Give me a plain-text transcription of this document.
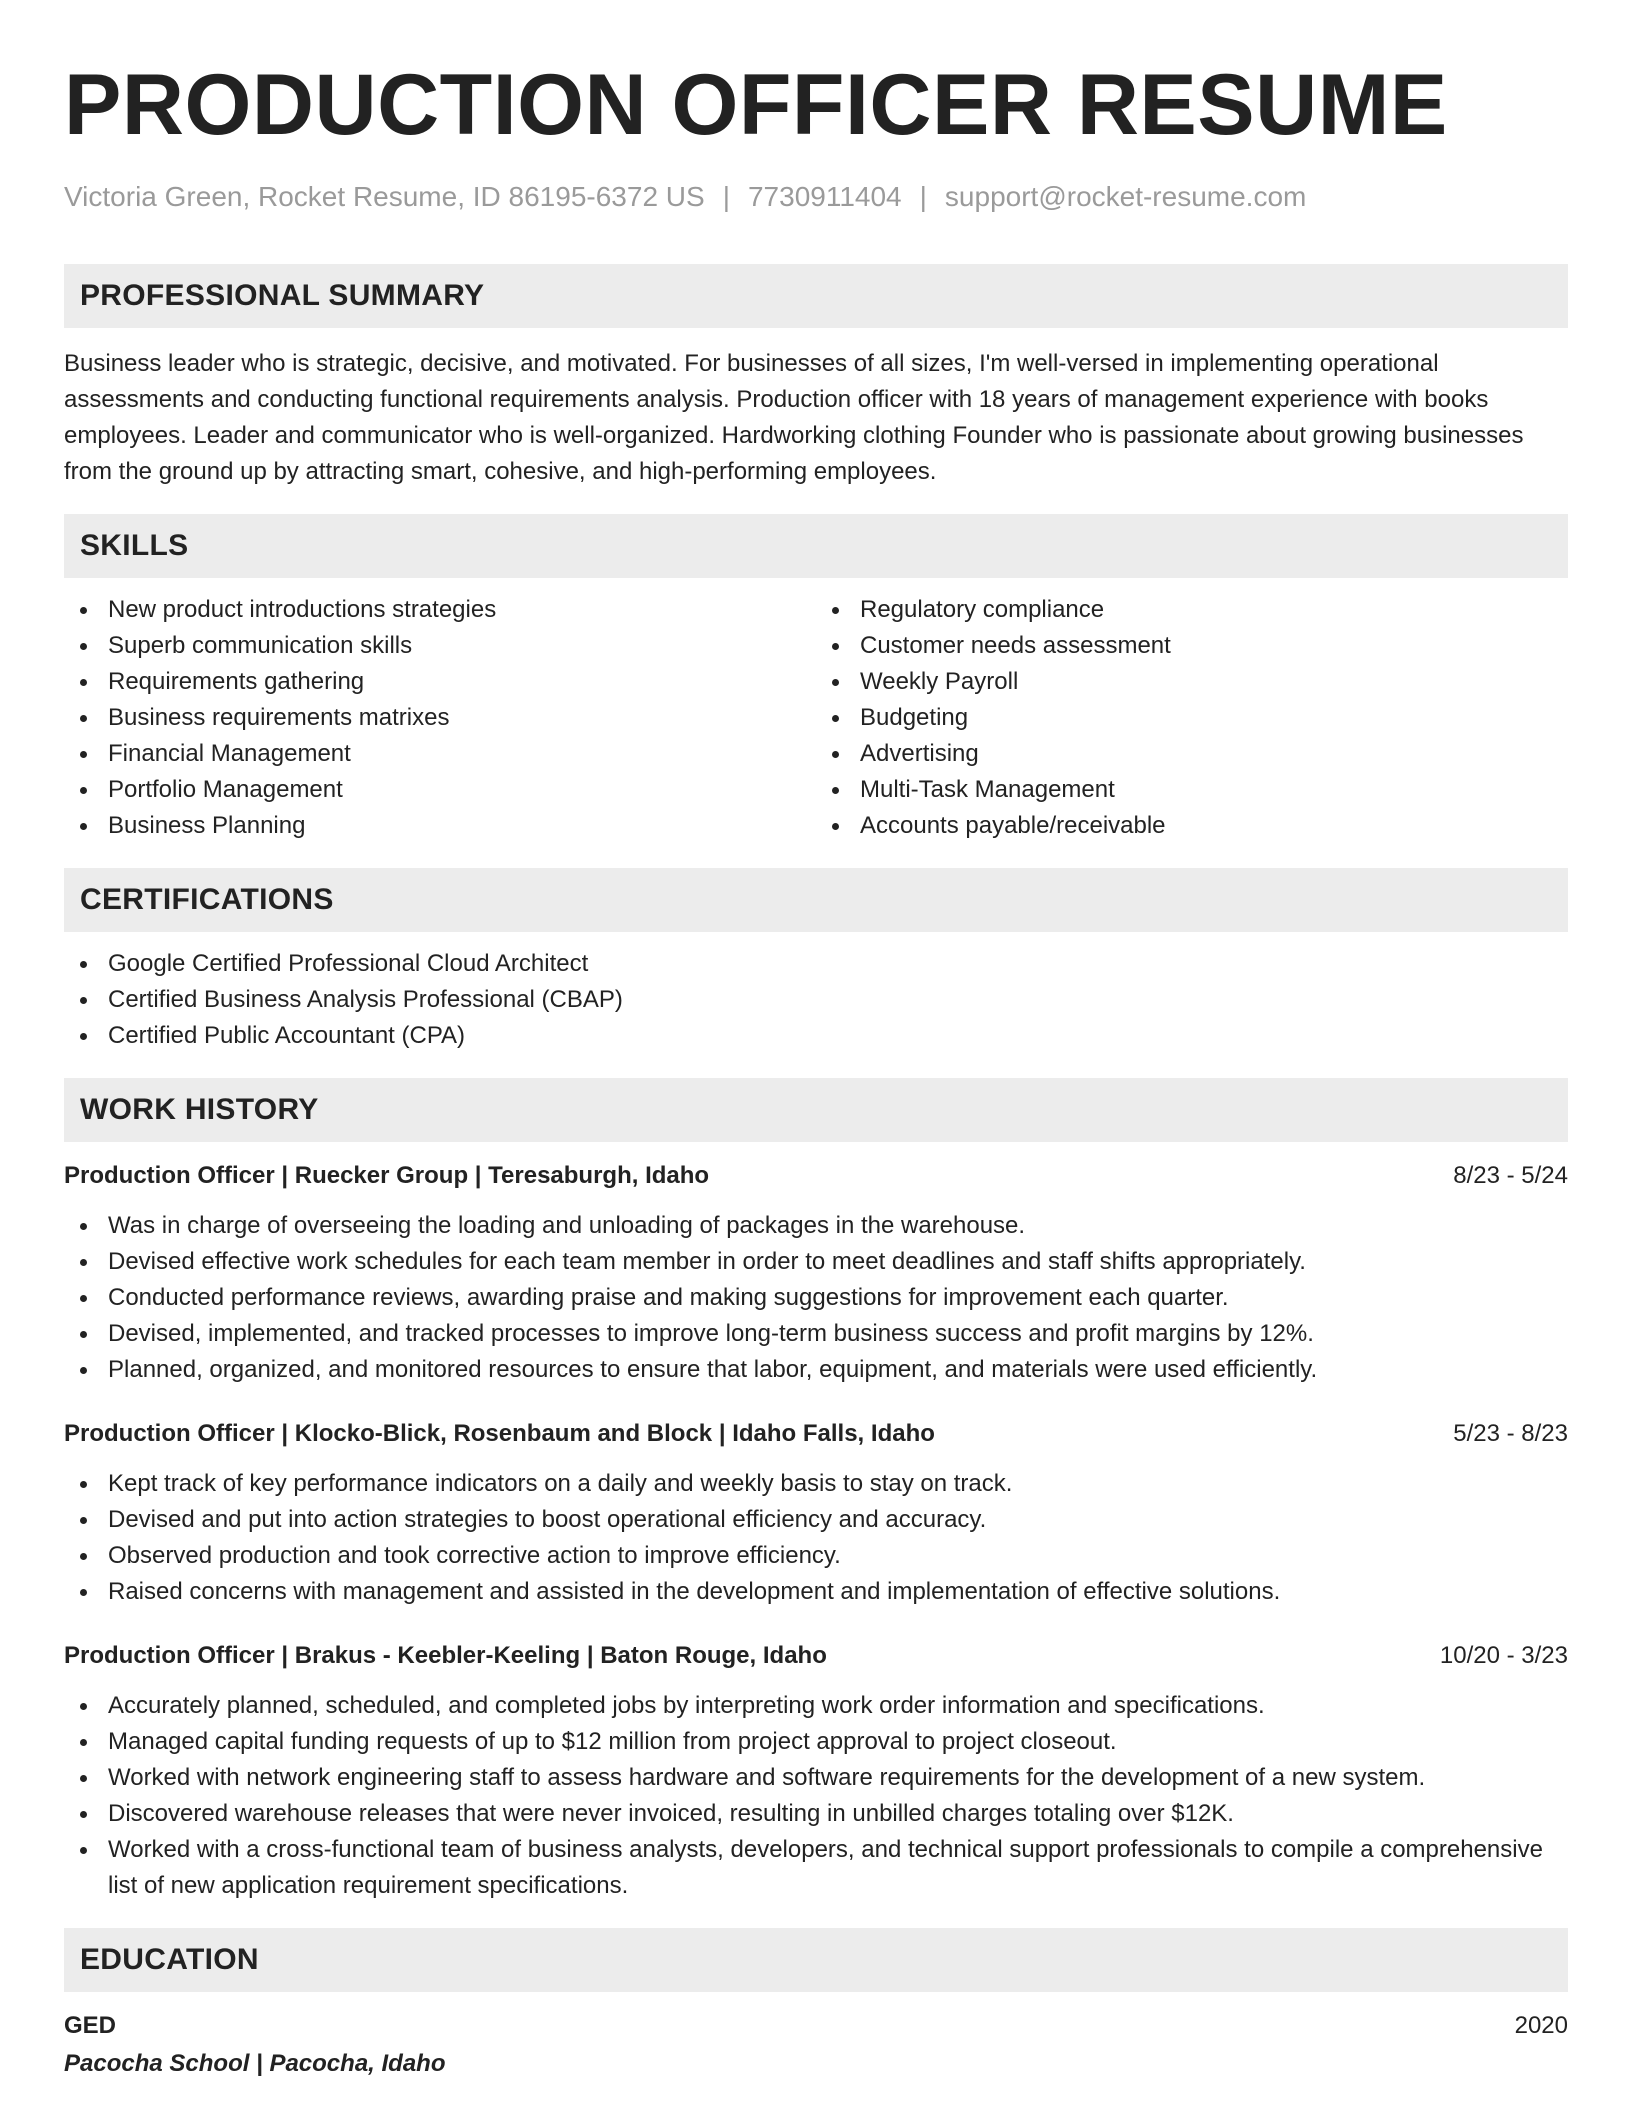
PRODUCTION OFFICER RESUME
Victoria Green, Rocket Resume, ID 86195-6372 US | 7730911404 | support@rocket-resume.com
PROFESSIONAL SUMMARY

Business leader who is strategic, decisive, and motivated. For businesses of all sizes, I'm well-versed in implementing operational assessments and conducting functional requirements analysis. Production officer with 18 years of management experience with books employees. Leader and communicator who is well-organized. Hardworking clothing Founder who is passionate about growing businesses from the ground up by attracting smart, cohesive, and high-performing employees.

SKILLS
New product introductions strategies
Superb communication skills
Requirements gathering
Business requirements matrixes
Financial Management
Portfolio Management
Business Planning
Regulatory compliance
Customer needs assessment
Weekly Payroll
Budgeting
Advertising
Multi-Task Management
Accounts payable/receivable
CERTIFICATIONS
Google Certified Professional Cloud Architect
Certified Business Analysis Professional (CBAP)
Certified Public Accountant (CPA)
WORK HISTORY
Production Officer | Ruecker Group | Teresaburgh, Idaho	8/23 - 5/24
Was in charge of overseeing the loading and unloading of packages in the warehouse.
Devised effective work schedules for each team member in order to meet deadlines and staff shifts appropriately.
Conducted performance reviews, awarding praise and making suggestions for improvement each quarter.
Devised, implemented, and tracked processes to improve long-term business success and profit margins by 12%.
Planned, organized, and monitored resources to ensure that labor, equipment, and materials were used efficiently.
Production Officer | Klocko-Blick, Rosenbaum and Block | Idaho Falls, Idaho	5/23 - 8/23
Kept track of key performance indicators on a daily and weekly basis to stay on track.
Devised and put into action strategies to boost operational efficiency and accuracy.
Observed production and took corrective action to improve efficiency.
Raised concerns with management and assisted in the development and implementation of effective solutions.
Production Officer | Brakus - Keebler-Keeling | Baton Rouge, Idaho	10/20 - 3/23
Accurately planned, scheduled, and completed jobs by interpreting work order information and specifications.
Managed capital funding requests of up to $12 million from project approval to project closeout.
Worked with network engineering staff to assess hardware and software requirements for the development of a new system.
Discovered warehouse releases that were never invoiced, resulting in unbilled charges totaling over $12K.
Worked with a cross-functional team of business analysts, developers, and technical support professionals to compile a comprehensive list of new application requirement specifications.
EDUCATION
GED	2020
Pacocha School | Pacocha, Idaho
